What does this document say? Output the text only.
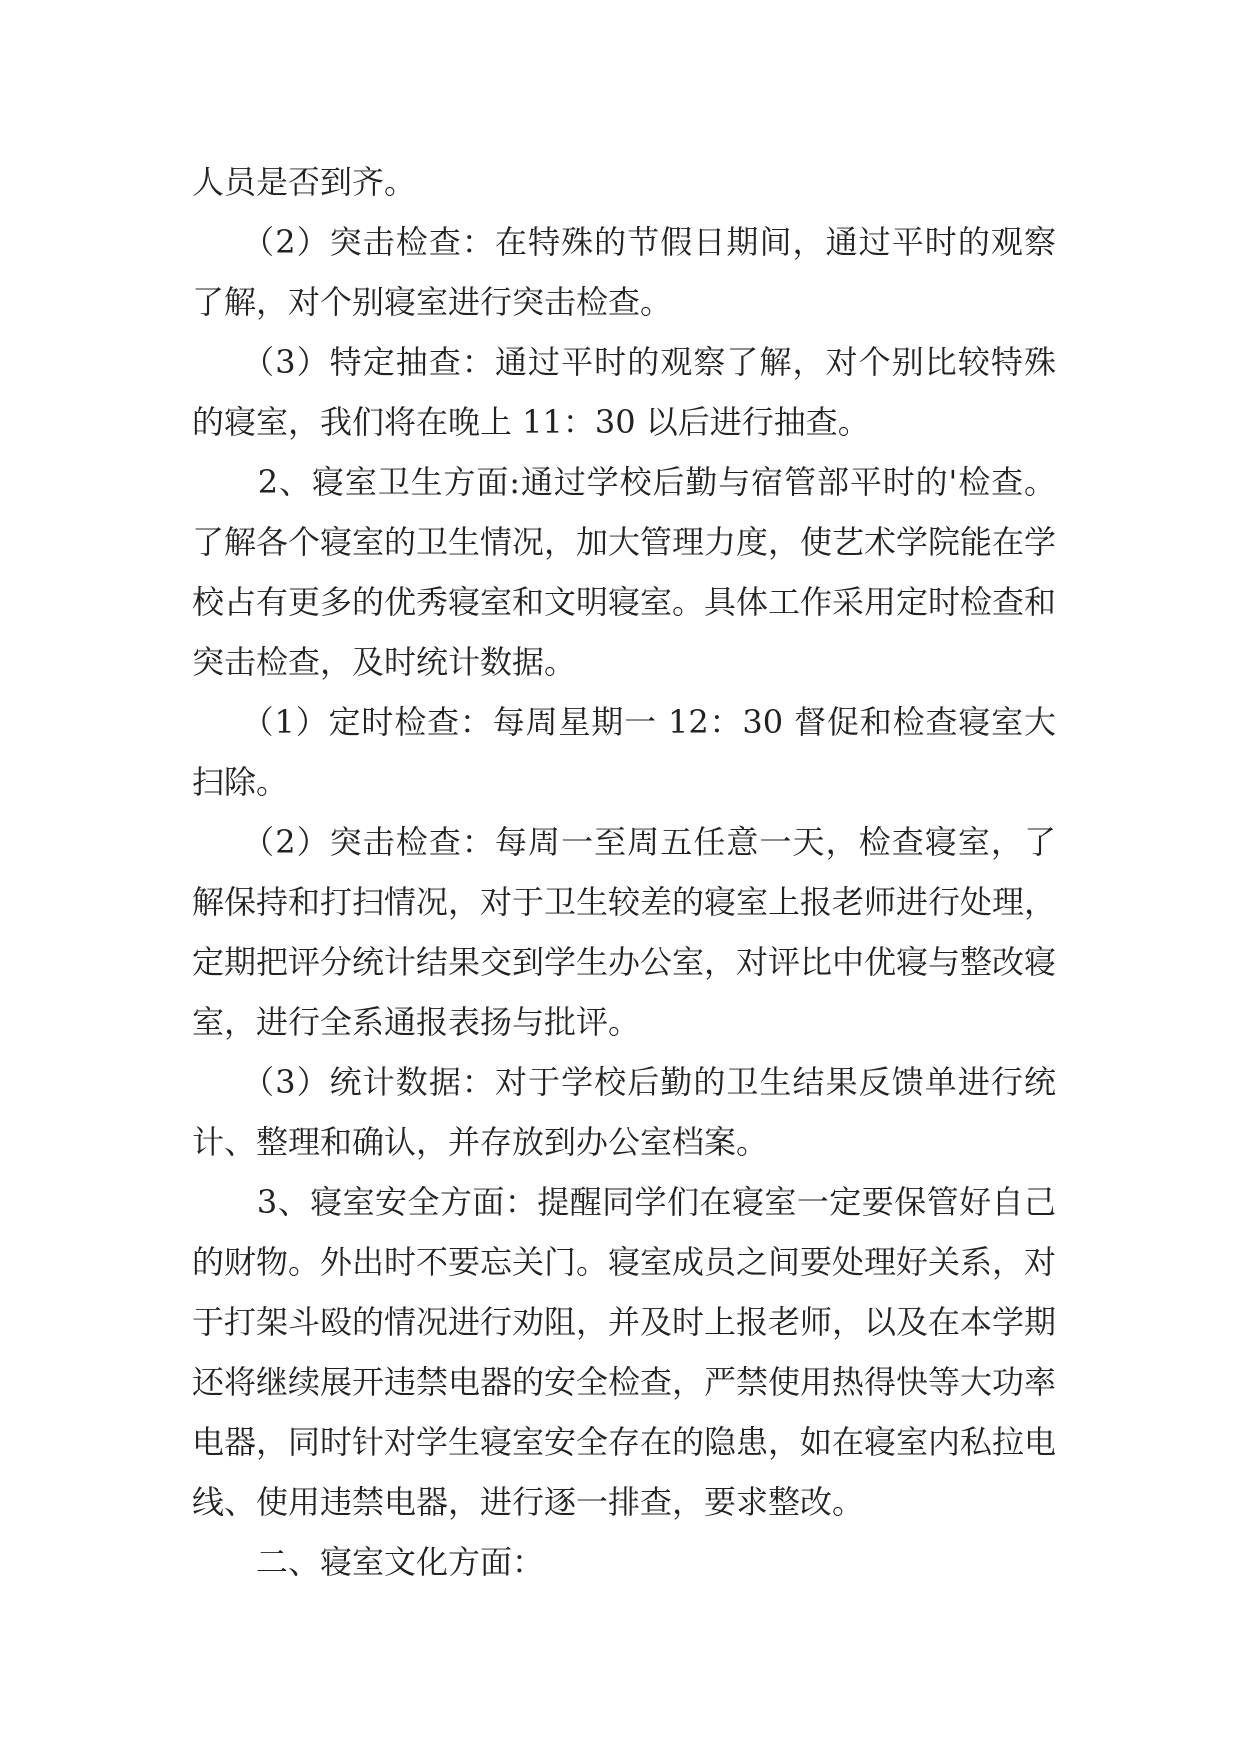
人员是否到齐。

　　（2）突击检查：在特殊的节假日期间，通过平时的观察了解，对个别寝室进行突击检查。

　　（3）特定抽查：通过平时的观察了解，对个别比较特殊的寝室，我们将在晚上 11：30 以后进行抽查。

　　2、寝室卫生方面:通过学校后勤与宿管部平时的'检查。了解各个寝室的卫生情况，加大管理力度，使艺术学院能在学校占有更多的优秀寝室和文明寝室。具体工作采用定时检查和突击检查，及时统计数据。

　　（1）定时检查：每周星期一 12：30 督促和检查寝室大扫除。

　　（2）突击检查：每周一至周五任意一天，检查寝室，了解保持和打扫情况，对于卫生较差的寝室上报老师进行处理，定期把评分统计结果交到学生办公室，对评比中优寝与整改寝室，进行全系通报表扬与批评。

　　（3）统计数据：对于学校后勤的卫生结果反馈单进行统计、整理和确认，并存放到办公室档案。

　　3、寝室安全方面：提醒同学们在寝室一定要保管好自己的财物。外出时不要忘关门。寝室成员之间要处理好关系，对于打架斗殴的情况进行劝阻，并及时上报老师，以及在本学期还将继续展开违禁电器的安全检查，严禁使用热得快等大功率电器，同时针对学生寝室安全存在的隐患，如在寝室内私拉电线、使用违禁电器，进行逐一排查，要求整改。

　　二、寝室文化方面：
